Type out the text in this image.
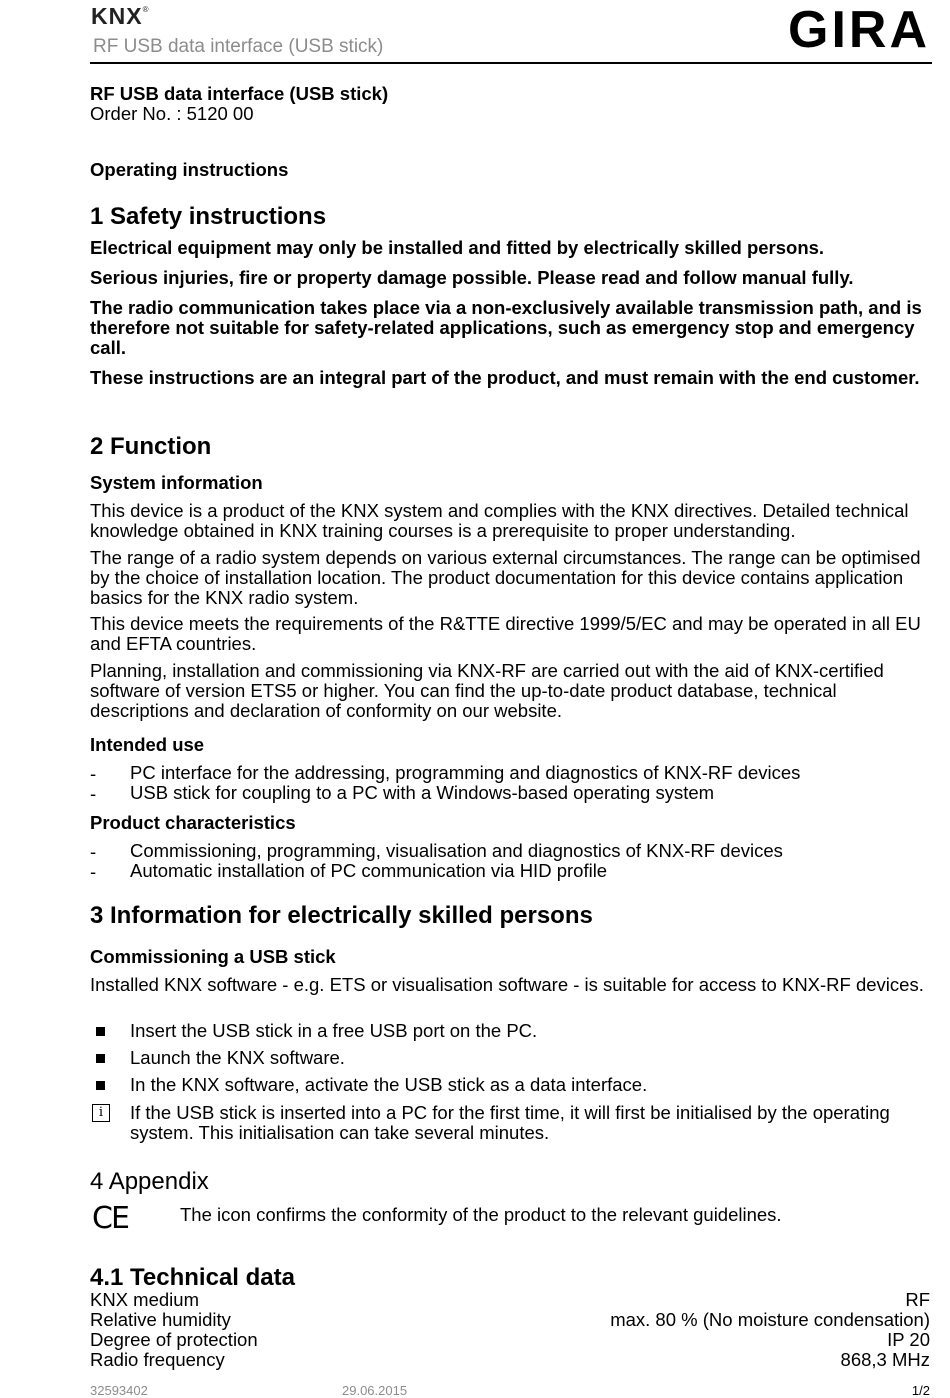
KNX®
RF USB data interface (USB stick)	GIRA
RF USB data interface (USB stick)
Order No. : 5120 00
Operating instructions
1 Safety instructions
Electrical equipment may only be installed and fitted by electrically skilled persons.
Serious injuries, fire or property damage possible. Please read and follow manual fully.
The radio communication takes place via a non-exclusively available transmission path, and is therefore not suitable for safety-related applications, such as emergency stop and emergency call.
These instructions are an integral part of the product, and must remain with the end customer.
2 Function
System information
This device is a product of the KNX system and complies with the KNX directives. Detailed technical knowledge obtained in KNX training courses is a prerequisite to proper understanding.
The range of a radio system depends on various external circumstances. The range can be optimised by the choice of installation location. The product documentation for this device contains application basics for the KNX radio system.
This device meets the requirements of the R&TTE directive 1999/5/EC and may be operated in all EU and EFTA countries.
Planning, installation and commissioning via KNX-RF are carried out with the aid of KNX-certified software of version ETS5 or higher. You can find the up-to-date product database, technical descriptions and declaration of conformity on our website.
Intended use
- PC interface for the addressing, programming and diagnostics of KNX-RF devices
- USB stick for coupling to a PC with a Windows-based operating system
Product characteristics
- Commissioning, programming, visualisation and diagnostics of KNX-RF devices
- Automatic installation of PC communication via HID profile
3 Information for electrically skilled persons
Commissioning a USB stick
Installed KNX software - e.g. ETS or visualisation software - is suitable for access to KNX-RF devices.
Insert the USB stick in a free USB port on the PC.
Launch the KNX software.
In the KNX software, activate the USB stick as a data interface.
i	If the USB stick is inserted into a PC for the first time, it will first be initialised by the operating system. This initialisation can take several minutes.
4 Appendix
CE	The icon confirms the conformity of the product to the relevant guidelines.
4.1 Technical data
KNX medium	RF
Relative humidity	max. 80 % (No moisture condensation)
Degree of protection	IP 20
Radio frequency	868,3 MHz
32593402	29.06.2015	1/2
